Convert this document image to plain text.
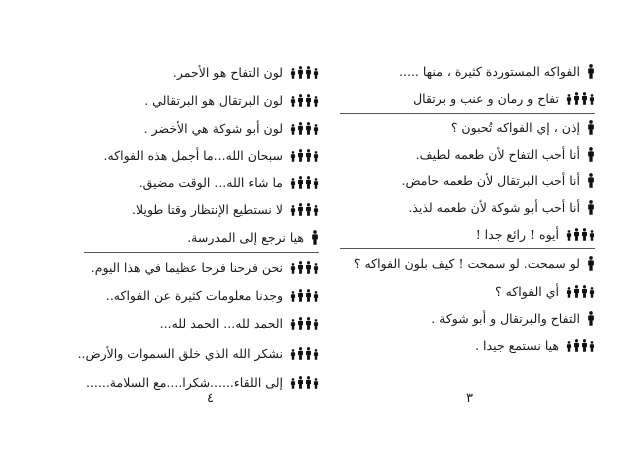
الفواكه المستوردة كثيرة ، منها .....
تفاح و رمان و عنب و برتقال
إذن ، إي الفواكه تُحبون ؟
أنا أحب التفاح لأن طعمه لطيف.
أنا أحب البرتقال لأن طعمه حامض.
أنا أحب أبو شوكة لأن طعمه لذيذ.
أيوه ! رائع جدا !
لو سمحت. لو سمحت ! كيف بلون الفواكه ؟
أي الفواكه ؟
التفاح والبرتقال و أبو شوكة .
هيا نستمع جيدا .
لون التفاح هو الأحمر.
لون البرتقال هو البرتقالي .
لون أبو شوكة هي الأخضر .
سبحان الله...ما أجمل هذه الفواكه.
ما شاء الله... الوقت مضيق.
لا نستطيع الإنتظار وقتا طويلا.
هيا نرجع إلى المدرسة.
نحن فرحنا فرحا عظيما في هذا اليوم.
وجدنا معلومات كثيرة عن الفواكه..
الحمد لله... الحمد لله...
نشكر الله الذي خلق السموات والأرض..
إلى اللقاء......شكرا....مع السلامة......
٣
٤
